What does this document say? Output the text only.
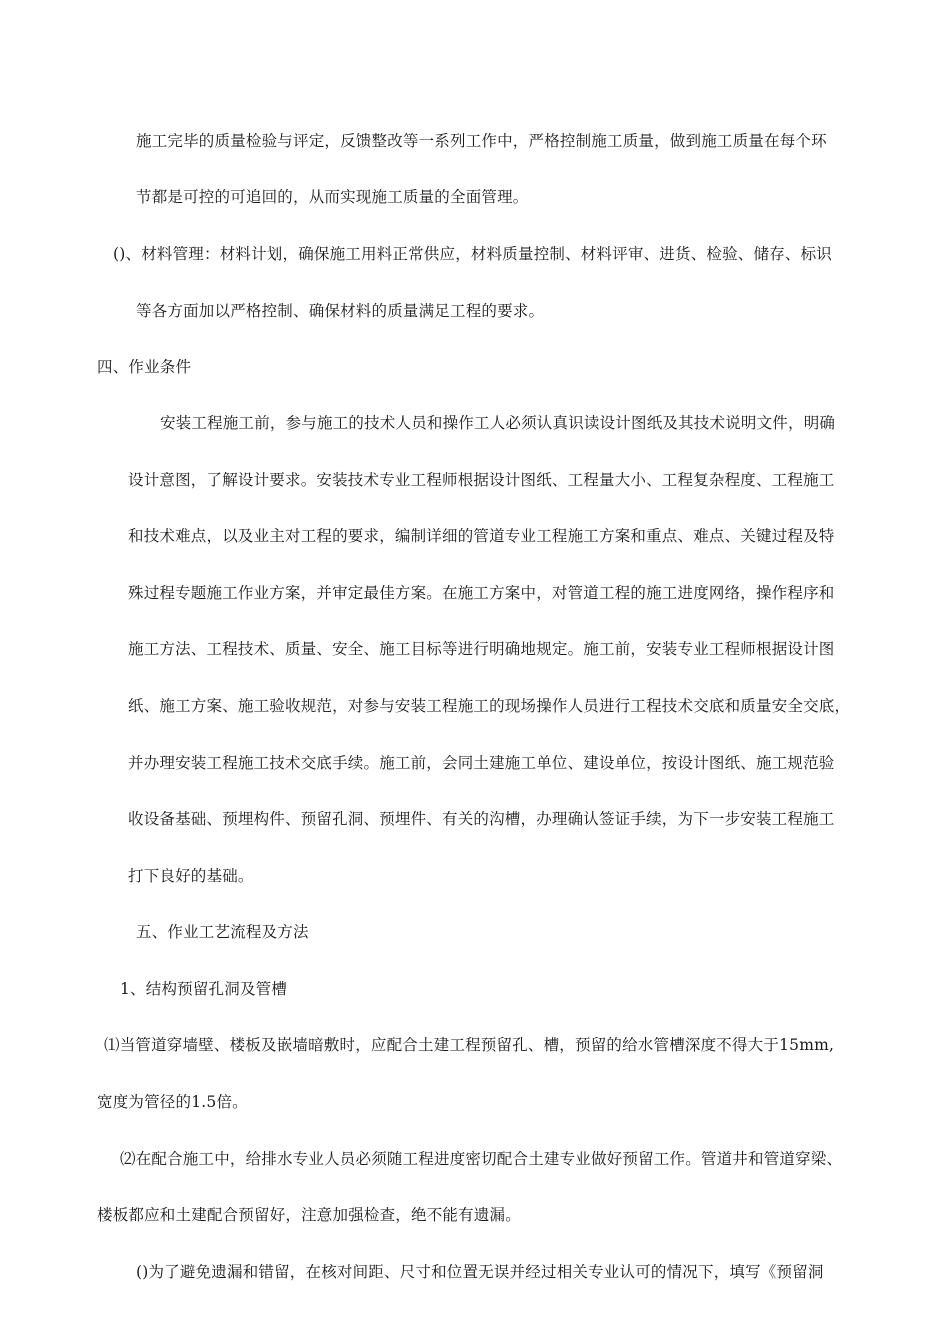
施工完毕的质量检验与评定，反馈整改等一系列工作中，严格控制施工质量，做到施工质量在每个环
节都是可控的可追回的，从而实现施工质量的全面管理。
()、材料管理：材料计划，确保施工用料正常供应，材料质量控制、材料评审、进货、检验、储存、标识
等各方面加以严格控制、确保材料的质量满足工程的要求。
四、作业条件
安装工程施工前，参与施工的技术人员和操作工人必须认真识读设计图纸及其技术说明文件，明确
设计意图，了解设计要求。安装技术专业工程师根据设计图纸、工程量大小、工程复杂程度、工程施工
和技术难点，以及业主对工程的要求，编制详细的管道专业工程施工方案和重点、难点、关键过程及特
殊过程专题施工作业方案，并审定最佳方案。在施工方案中，对管道工程的施工进度网络，操作程序和
施工方法、工程技术、质量、安全、施工目标等进行明确地规定。施工前，安装专业工程师根据设计图
纸、施工方案、施工验收规范，对参与安装工程施工的现场操作人员进行工程技术交底和质量安全交底，
并办理安装工程施工技术交底手续。施工前，会同土建施工单位、建设单位，按设计图纸、施工规范验
收设备基础、预埋构件、预留孔洞、预埋件、有关的沟槽，办理确认签证手续，为下一步安装工程施工
打下良好的基础。
五、作业工艺流程及方法
1、结构预留孔洞及管槽
⑴当管道穿墙壁、楼板及嵌墙暗敷时，应配合土建工程预留孔、槽，预留的给水管槽深度不得大于15mm,
宽度为管径的1.5倍。
⑵在配合施工中，给排水专业人员必须随工程进度密切配合土建专业做好预留工作。管道井和管道穿梁、
楼板都应和土建配合预留好，注意加强检查，绝不能有遗漏。
()为了避免遗漏和错留，在核对间距、尺寸和位置无误并经过相关专业认可的情况下，填写《预留洞
